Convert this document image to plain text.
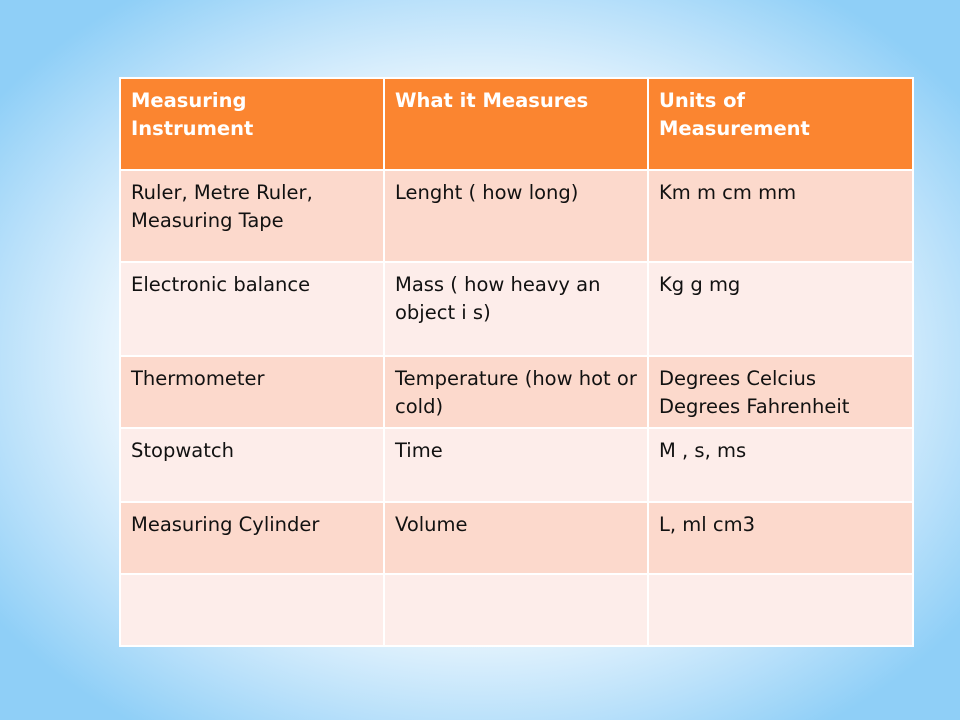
Measuring Instrument	What it Measures	Units of Measurement
Ruler, Metre Ruler, Measuring Tape	Lenght ( how long)	Km m cm mm
Electronic balance	Mass ( how heavy an object i s)	Kg g mg
Thermometer	Temperature (how hot or cold)	Degrees Celcius Degrees Fahrenheit
Stopwatch	Time	M , s, ms
Measuring Cylinder	Volume	L, ml cm3
